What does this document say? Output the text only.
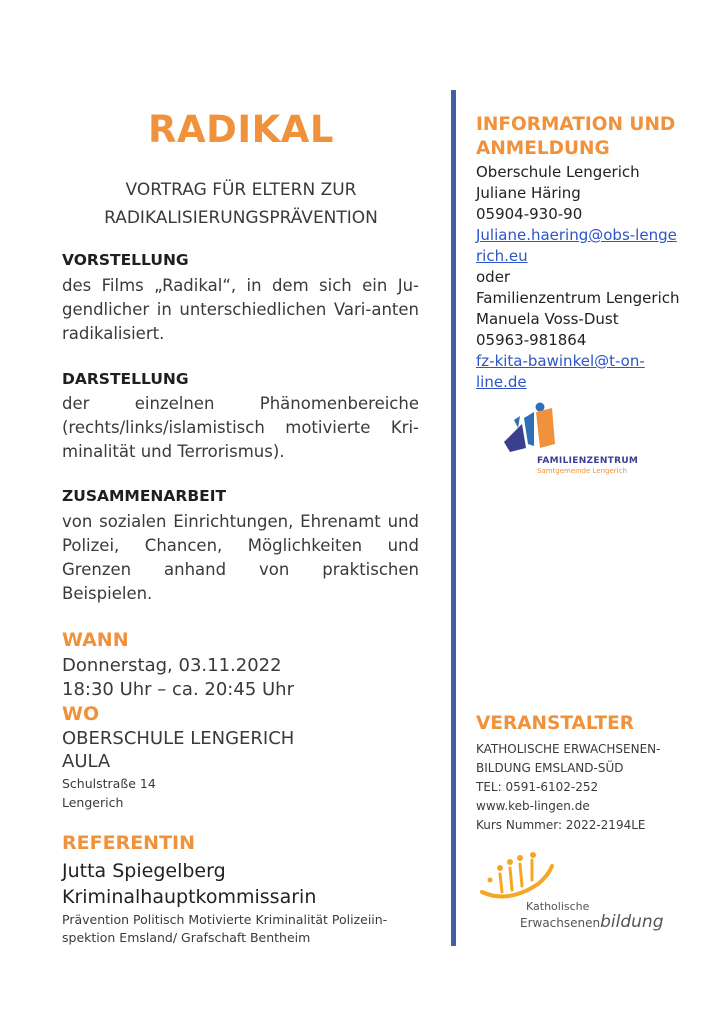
RADIKAL
VORTRAG FÜR ELTERN ZUR
RADIKALISIERUNGSPRÄVENTION
VORSTELLUNG
des Films „Radikal“, in dem sich ein Ju-gendlicher in unterschiedlichen Vari-anten radikalisiert.
DARSTELLUNG
der einzelnen Phänomenbereiche (rechts/links/islamistisch motivierte Kri-minalität und Terrorismus).
ZUSAMMENARBEIT
von sozialen Einrichtungen, Ehrenamt und Polizei, Chancen, Möglichkeiten und Grenzen anhand von praktischen Beispielen.
WANN
Donnerstag, 03.11.2022
18:30 Uhr – ca. 20:45 Uhr
WO
OBERSCHULE LENGERICH
AULA
Schulstraße 14
Lengerich
REFERENTIN
Jutta Spiegelberg
Kriminalhauptkommissarin
Prävention Politisch Motivierte Kriminalität Polizeiin-
spektion Emsland/ Grafschaft Bentheim
INFORMATION UND
ANMELDUNG
Oberschule Lengerich
Juliane Häring
05904-930-90
Juliane.haering@obs-lenge
rich.eu
oder
Familienzentrum Lengerich
Manuela Voss-Dust
05963-981864
fz-kita-bawinkel@t-on-
line.de
FAMILIENZENTRUM
Samtgemeinde Lengerich
VERANSTALTER
KATHOLISCHE ERWACHSENEN-
BILDUNG EMSLAND-SÜD
TEL: 0591-6102-252
www.keb-lingen.de
Kurs Nummer: 2022-2194LE
Katholische
Erwachsenenbildung
